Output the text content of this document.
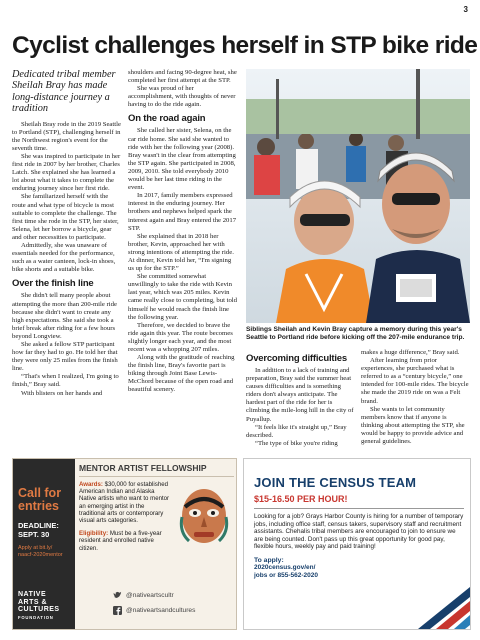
3
Cyclist challenges herself in STP bike ride
Dedicated tribal member Sheilah Bray has made long-distance journey a tradition

Sheilah Bray rode in the 2019 Seattle to Portland (STP), challenging herself in the Northwest region's event for the seventh time.

She was inspired to participate in her first ride in 2007 by her brother, Charles Latch. She explained she has learned a lot about what it takes to complete the enduring journey since her first ride.

She familiarized herself with the route and what type of bicycle is most suitable to complete the challenge. The first time she rode in the STP, her sister, Selena, let her borrow a bicycle, gear and other necessities to participate.

Admittedly, she was unaware of essentials needed for the performance, such as a water canteen, lock-in shoes, bike shorts and a suitable bike.

Over the finish line

She didn't tell many people about attempting the more than 200-mile ride because she didn't want to create any high expectations. She said she took a brief break after riding for a few hours beyond Longview.

She asked a fellow STP participant how far they had to go. He told her that they were only 25 miles from the finish line.

“That's when I realized, I'm going to finish,” Bray said.

With blisters on her hands and

shoulders and facing 90-degree heat, she completed her first attempt at the STP.

She was proud of her accomplishment, with thoughts of never having to do the ride again.

On the road again

She called her sister, Selena, on the car ride home. She said she wanted to ride with her the following year (2008). Bray wasn't in the clear from attempting the STP again. She participated in 2008, 2009, 2010. She told everybody 2010 would be her last time riding in the event.

In 2017, family members expressed interest in the enduring journey. Her brothers and nephews helped spark the interest again and Bray entered the 2017 STP.

She explained that in 2018 her brother, Kevin, approached her with strong intentions of attempting the ride. At dinner, Kevin told her, “I'm signing us up for the STP.”

She committed somewhat unwillingly to take the ride with Kevin last year, which was 205 miles. Kevin came really close to completing, but told himself he would reach the finish line the following year.

Therefore, we decided to brave the ride again this year. The route becomes slightly longer each year, and the most recent was a whopping 207 miles.

Along with the gratitude of reaching the finish line, Bray's favorite part is biking through Joint Base Lewis-McChord because of the open road and beautiful scenery.

Siblings Sheilah and Kevin Bray capture a memory during this year's Seattle to Portland ride before kicking off the 207-mile endurance trip.
Overcoming difficulties

In addition to a lack of training and preparation, Bray said the summer heat causes difficulties and is something riders don't always anticipate. The hardest part of the ride for her is climbing the mile-long hill in the city of Puyallup.

“It feels like it's straight up,” Bray described.

“The type of bike you're riding

makes a huge difference,” Bray said.

After learning from prior experiences, she purchased what is referred to as a “century bicycle,” one intended for 100-mile rides. The bicycle she made the 2019 ride on was a Felt brand.

She wants to let community members know that if anyone is thinking about attempting the STP, she would be happy to provide advice and general guidelines.

Call for
entries
DEADLINE:
SEPT. 30
Apply at bit.ly/
naacf-2020mentor
NATIVE
ARTS &
CULTURES
FOUNDATION
MENTOR ARTIST FELLOWSHIP
Awards: $30,000 for established American Indian and Alaska Native artists who want to mentor an emerging artist in the traditional arts or contemporary visual arts categories.
Eligibility: Must be a five-year resident and enrolled native citizen.
@nativeartscultr
@nativeartsandcultures
JOIN THE CENSUS TEAM
$15-16.50 PER HOUR!
Looking for a job? Grays Harbor County is hiring for a number of temporary jobs, including office staff, census takers, supervisory staff and recruitment assistants. Chehalis tribal members are encouraged to join to ensure we are being counted. Don't pass up this great opportunity for good pay, flexible hours, weekly pay and paid training!
To apply:
2020census.gov/en/
jobs or 855-562-2020
